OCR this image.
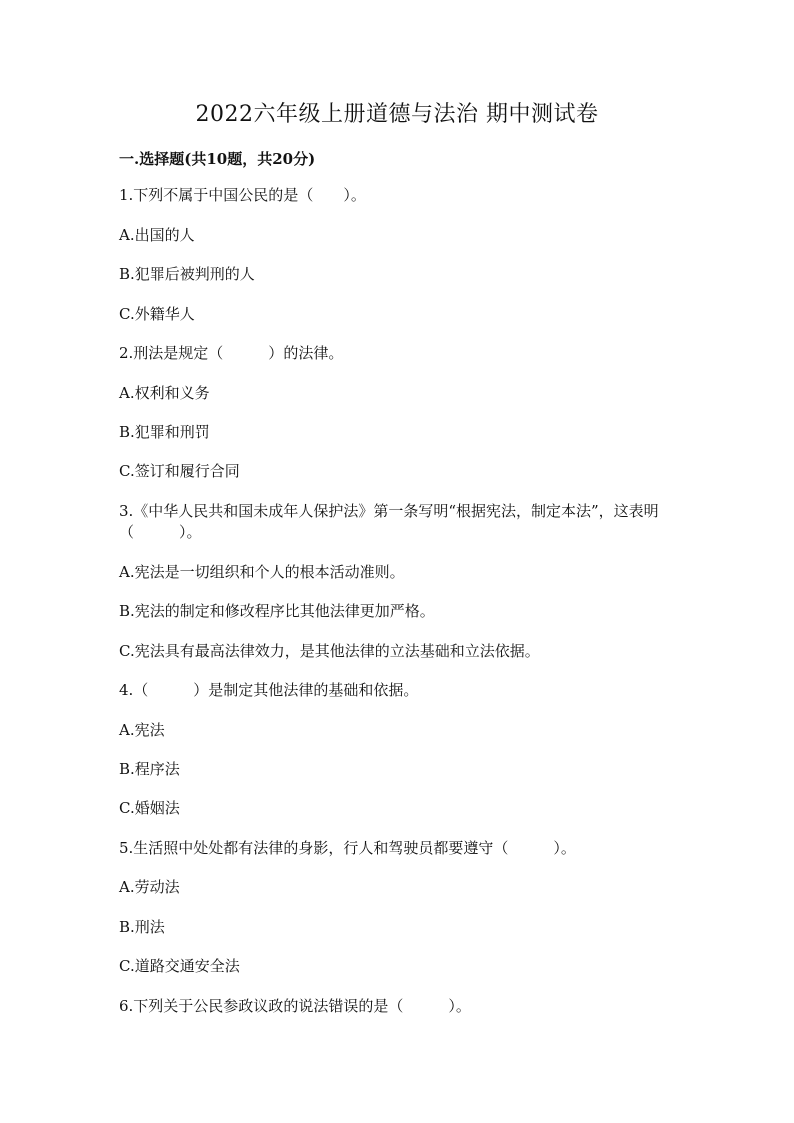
2022六年级上册道德与法治 期中测试卷
一.选择题(共10题，共20分)
1.下列不属于中国公民的是（　　）。
A.出国的人
B.犯罪后被判刑的人
C.外籍华人
2.刑法是规定（　　　）的法律。
A.权利和义务
B.犯罪和刑罚
C.签订和履行合同
3.《中华人民共和国未成年人保护法》第一条写明“根据宪法，制定本法”，这表明（　　　）。
A.宪法是一切组织和个人的根本活动准则。
B.宪法的制定和修改程序比其他法律更加严格。
C.宪法具有最高法律效力，是其他法律的立法基础和立法依据。
4.（　　　）是制定其他法律的基础和依据。
A.宪法
B.程序法
C.婚姻法
5.生活照中处处都有法律的身影，行人和驾驶员都要遵守（　　　）。
A.劳动法
B.刑法
C.道路交通安全法
6.下列关于公民参政议政的说法错误的是（　　　）。
